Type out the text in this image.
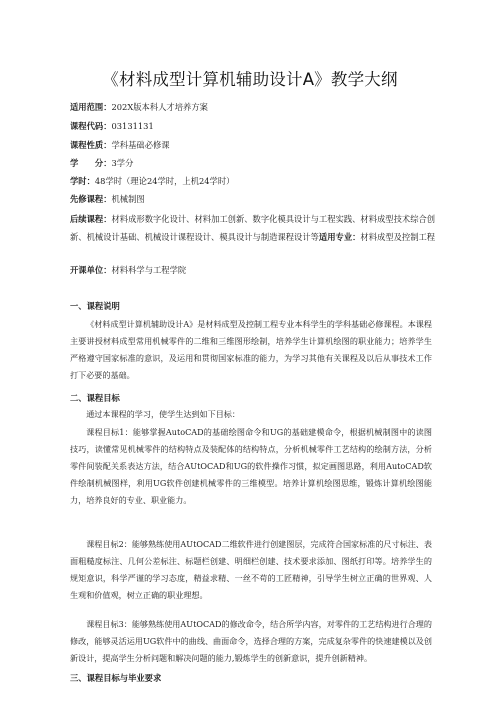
《材料成型计算机辅助设计A》教学大纲
适用范围：202X版本科人才培养方案
课程代码：03131131
课程性质：学科基础必修课
学　　分：3学分
学时：48学时（理论24学时，上机24学时）
先修课程：机械制图
后续课程：材料成形数字化设计、材料加工创新、数字化模具设计与工程实践、材料成型技术综合创新、机械设计基础、机械设计课程设计、模具设计与制造课程设计等适用专业：材料成型及控制工程
开课单位：材料科学与工程学院
一、课程说明
《材料成型计算机辅助设计A》是材料成型及控制工程专业本科学生的学科基础必修课程。本课程主要讲授材料成型常用机械零件的二维和三维图形绘制，培养学生计算机绘图的职业能力；培养学生严格遵守国家标准的意识，及运用和贯彻国家标准的能力，为学习其他有关课程及以后从事技术工作打下必要的基础。
二、课程目标
通过本课程的学习，使学生达到如下目标：
课程目标1：能够掌握AutoCAD的基础绘图命令和UG的基础建模命令，根据机械制图中的读图技巧，读懂常见机械零件的结构特点及装配体的结构特点，分析机械零件工艺结构的绘制方法，分析零件间装配关系表达方法，结合AUtOCAD和UG的软件操作习惯，拟定画图思路，利用AutoCAD软件绘制机械图样，利用UG软件创建机械零件的三维模型。培养计算机绘图思维，锻炼计算机绘图能力，培养良好的专业、职业能力。
课程目标2：能够熟练使用AUtOCAD二维软件进行创建图层，完成符合国家标准的尺寸标注、表面粗糙度标注、几何公差标注、标题栏创建、明细栏创建、技术要求添加、图纸打印等。培养学生的规矩意识，科学严谨的学习态度，精益求精、一丝不苟的工匠精神，引导学生树立正确的世界观、人生观和价值观，树立正确的职业理想。
课程目标3：能够熟练使用AUtOCAD的修改命令，结合所学内容，对零件的工艺结构进行合理的修改，能够灵活运用UG软件中的曲线、曲面命令，选择合理的方案，完成复杂零件的快速建模以及创新设计，提高学生分析问题和解决问题的能力,锻炼学生的创新意识，提升创新精神。
三、课程目标与毕业要求
